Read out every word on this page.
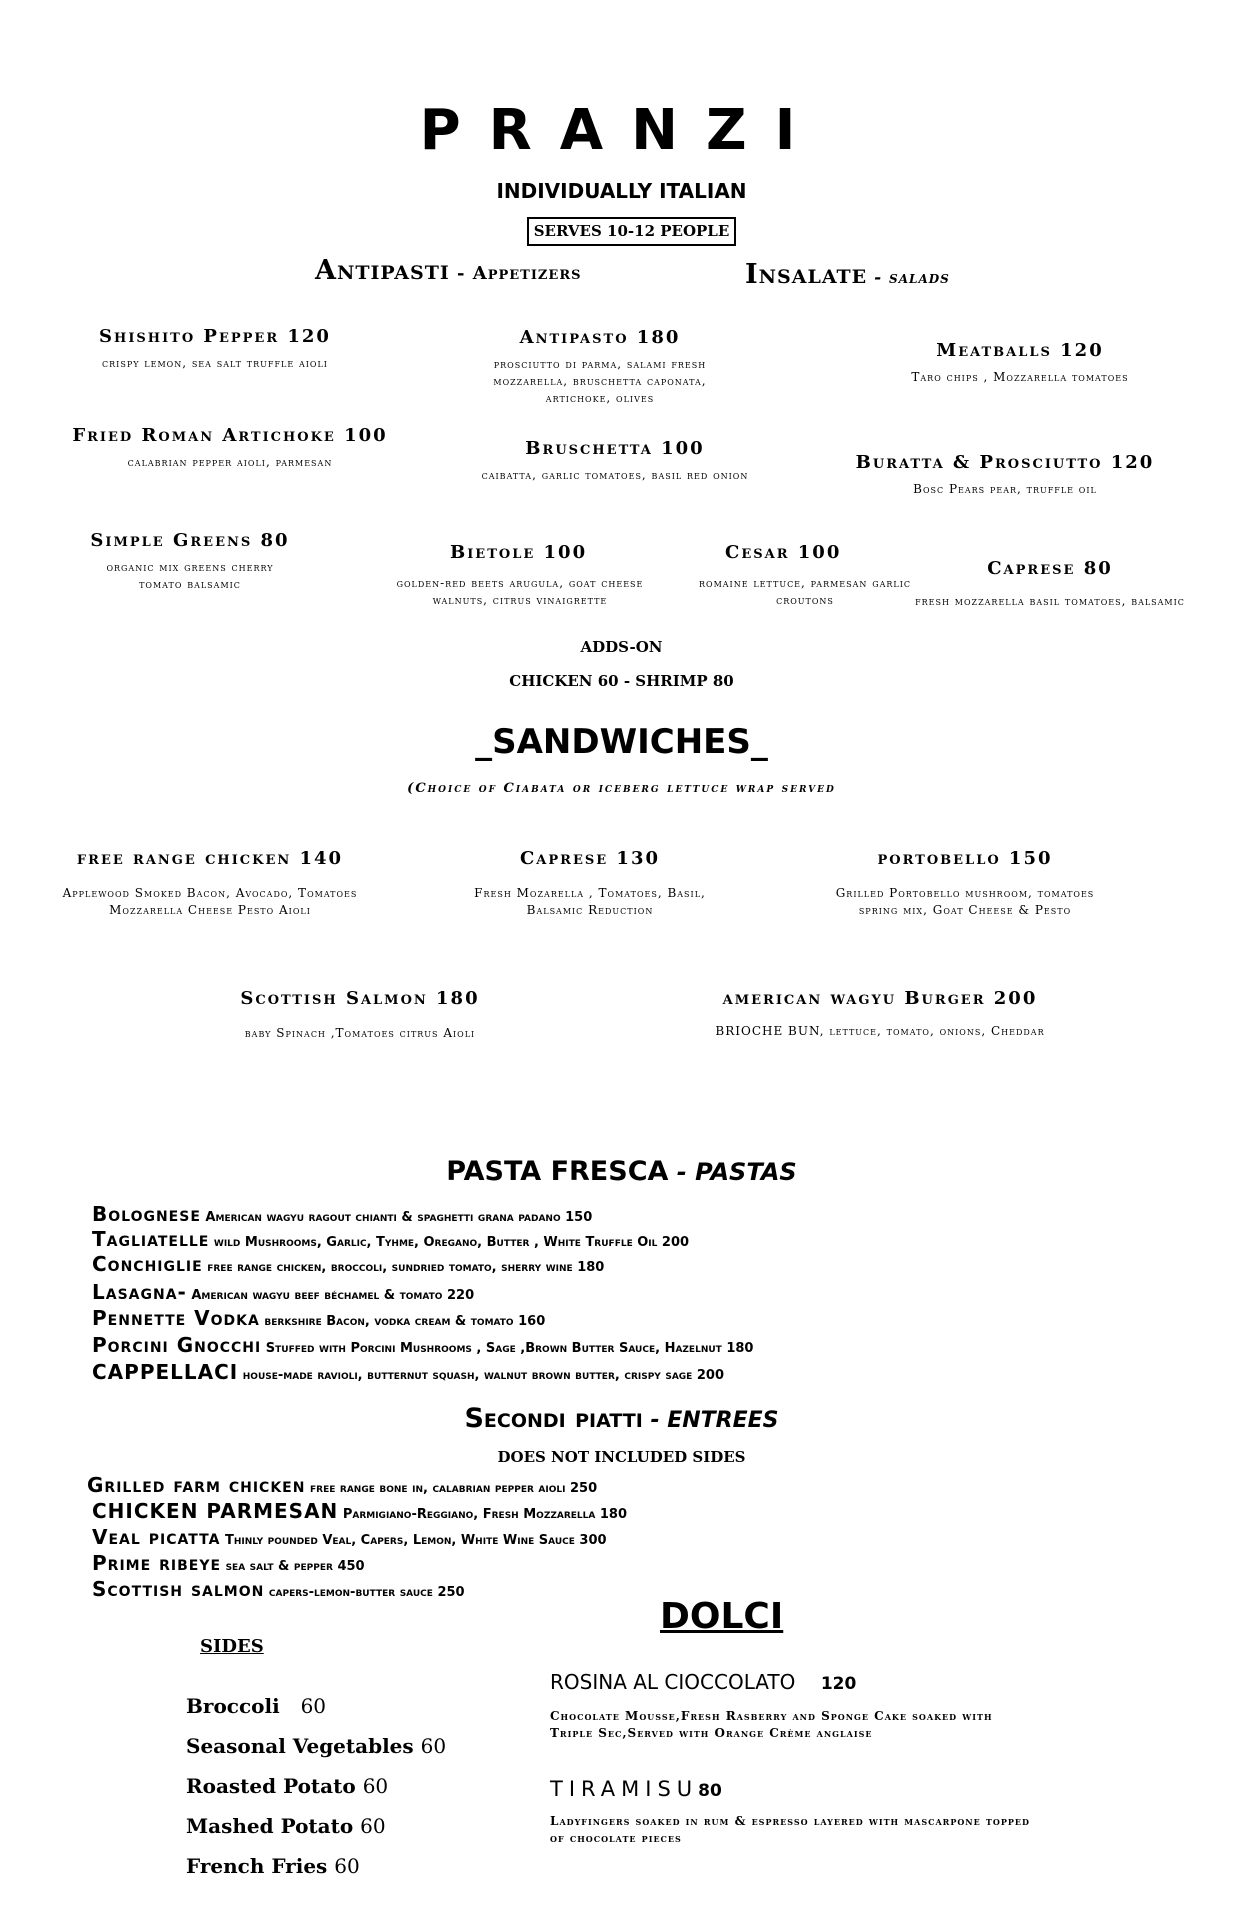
PRANZI
INDIVIDUALLY ITALIAN
SERVES 10-12 PEOPLE
Antipasti - Appetizers	Insalate - salads
Shishito Pepper 120
crispy lemon, sea salt truffle aioli
Fried Roman Artichoke 100
calabrian pepper aioli, parmesan
Simple Greens 80
organic mix greens cherry tomato balsamic
Antipasto 180
prosciutto di parma, salami fresh mozzarella, bruschetta caponata, artichoke, olives
Bruschetta 100
caibatta, garlic tomatoes, basil red onion
Bietole 100
golden-red beets arugula, goat cheese walnuts, citrus vinaigrette
Meatballs 120
Taro chips , Mozzarella tomatoes
Buratta & Prosciutto 120
Bosc Pears pear, truffle oil
Cesar 100
romaine lettuce, parmesan garlic croutons
Caprese 80
fresh mozzarella basil tomatoes, balsamic
ADDS-ON
CHICKEN 60 - SHRIMP 80
_SANDWICHES_
(Choice of Ciabata or iceberg lettuce wrap served
free range chicken 140
Applewood Smoked Bacon, Avocado, Tomatoes Mozzarella Cheese Pesto Aioli
Caprese 130
Fresh Mozarella , Tomatoes, Basil, Balsamic Reduction
portobello 150
Grilled Portobello mushroom, tomatoes spring mix, Goat Cheese & Pesto
Scottish Salmon 180
baby Spinach ,Tomatoes citrus Aioli
american wagyu Burger 200
BRIOCHE BUN, lettuce, tomato, onions, Cheddar
PASTA FRESCA - PASTAS
Bolognese American wagyu ragout chianti & spaghetti grana padano 150
Tagliatelle wild Mushrooms, Garlic, Tyhme, Oregano, Butter , White Truffle Oil 200
Conchiglie free range chicken, broccoli, sundried tomato, sherry wine 180
Lasagna- American wagyu beef béchamel & tomato 220
Pennette Vodka berkshire Bacon, vodka cream & tomato 160
Porcini Gnocchi Stuffed with Porcini Mushrooms , Sage ,Brown Butter Sauce, Hazelnut 180
CAPPELLACI house-made ravioli, butternut squash, walnut brown butter, crispy sage 200
Secondi piatti - ENTREES
DOES NOT INCLUDED SIDES
Grilled farm chicken free range bone in, calabrian pepper aioli 250
CHICKEN PARMESAN Parmigiano-Reggiano, Fresh Mozzarella 180
Veal picatta Thinly pounded Veal, Capers, Lemon, White Wine Sauce 300
Prime ribeye sea salt & pepper 450
Scottish salmon capers-lemon-butter sauce 250
SIDES
Broccoli 60
Seasonal Vegetables 60
Roasted Potato 60
Mashed Potato 60
French Fries 60
DOLCI
ROSINA AL CIOCCOLATO 120
Chocolate Mousse,Fresh Rasberry and Sponge Cake soaked with Triple Sec,Served with Orange Crème anglaise
TIRAMISU80
Ladyfingers soaked in rum & espresso layered with mascarpone topped of chocolate pieces
